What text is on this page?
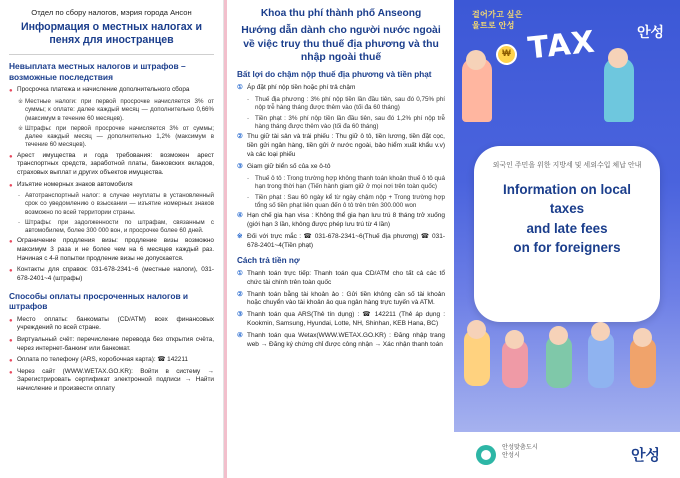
Отдел по сбору налогов, мэрия города Ансон
Информация о местных налогах и пенях для иностранцев
Невыплата местных налогов и штрафов – возможные последствия
● Просрочка платежа и начисление дополнительного сбора
※ Местные налоги: при первой просрочке начисляется 3% от суммы; к оплате: далее каждый месяц — дополнительно 0,66% (максимум в течение 60 месяцев).
※ Штрафы: при первой просрочке начисляется 3% от суммы; далее каждый месяц — дополнительно 1,2% (максимум в течение 60 месяцев).
● Арест имущества и года требования: возможен арест транспортных средств, заработной платы, банковских вкладов, страховых выплат и других объектов имущества.
● Изъятие номерных знаков автомобиля
- Автотранспортный налог: в случае неуплаты в установленный срок со уведомлению о взыскании — изъятие номерных знаков возможно по всей территории страны.
- Штрафы: при задолженности по штрафам, связанным с автомобилем, более 300 000 вон, и просрочке более 60 дней.
● Ограничение продления визы: продление визы возможно максимум 3 раза и не более чем на 6 месяцев каждый раз. Начиная с 4-й попытки продление визы не допускается.
● Контакты для справок: 031-678-2341~6 (местные налоги), 031-678-2401~4 (штрафы)
Способы оплаты просроченных налогов и штрафов
● Место оплаты: банкоматы (CD/ATM) всех финансовых учреждений по всей стране.
● Виртуальный счёт: перечисление перевода без открытия счёта, через интернет-банкинг или банкомат.
● Оплата по телефону (ARS, коробочная карта): ☎ 142211
● Через сайт (WWW.WETAX.GO.KR): Войти в систему → Зарегистрировать сертификат электронной подписи → Найти начисление и произвести оплату
Khoa thu phí thành phố Anseong
Hướng dẫn dành cho người nước ngoài về việc truy thu thuế địa phương và thu nhập ngoài thuế
Bất lợi do chậm nộp thuế địa phương và tiền phạt
① Áp đặt phí nộp tiền hoặc phí trả chậm
- Thuế địa phương : 3% phí nộp tiền lần đầu tiên, sau đó 0,75% phí nộp trễ hàng tháng được thêm vào (tối đa 60 tháng)
- Tiền phạt : 3% phí nộp tiền lần đầu tiên, sau đó 1,2% phí nộp trễ hàng tháng được thêm vào (tối đa 60 tháng)
② Thu giữ tài sản và trái phiếu : Thu giữ ô tô, tiền lương, tiền đặt cọc, tiền gửi ngân hàng, tiền gửi ở nước ngoài, bảo hiểm xuất khẩu v.v) và các loại phiếu
③ Giam giữ biển số của xe ô-tô
- Thuế ô tô : Trong trường hợp không thanh toán khoản thuế ô tô quá hạn trong thời hạn (Tiến hành giam giữ ở mọi nơi trên toàn quốc)
- Tiền phạt : Sau 60 ngày kể từ ngày chậm nộp + Trong trường hợp tổng số tiền phạt liên quan đến ô tô trên trên 300.000 won
④ Hạn chế gia hạn visa : Không thể gia hạn lưu trú 8 tháng trở xuống (giới hạn 3 lần, không được phép lưu trú từ 4 lần)
※ Đối với trực mắc : ☎ 031-678-2341~6(Thuế địa phương) ☎ 031-678-2401~4(Tiền phạt)
Cách trả tiền nợ
① Thanh toán trực tiếp: Thanh toán qua CD/ATM cho tất cả các tổ chức tài chính trên toàn quốc
② Thanh toán bằng tài khoản ảo : Gửi tiền không cần số tài khoản hoặc chuyển vào tài khoản ảo qua ngân hàng trực tuyến và ATM.
③ Thanh toán qua ARS(Thẻ tín dụng) : ☎ 142211 (Thẻ áp dụng : Kookmin, Samsung, Hyundai, Lotte, NH, Shinhan, KEB Hana, BC)
④ Thanh toán qua Wetax(WWW.WETAX.GO.KR) : Đăng nhập trang web → Đăng ký chứng chỉ được công nhận → Xác nhận thanh toán
걸어가고 싶은
울트로 안성	안성
TAX
₩
외국인 주민을 위한 지방세 및 세외수입 체납 안내
Information on local taxes
and late fees
on for foreigners
안성맞춤도시
안성시	안성
